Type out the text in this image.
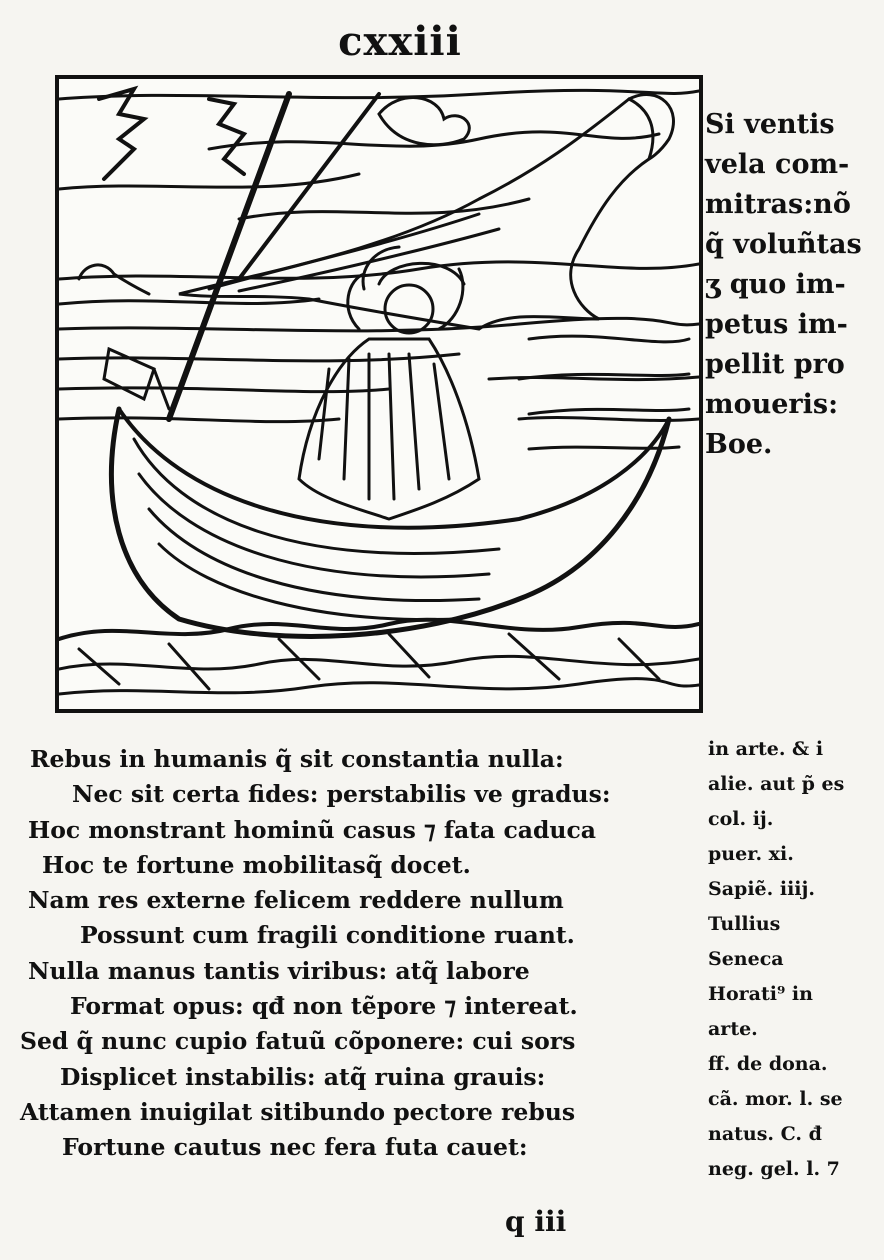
cxxiii
Si ventis
vela com-
mitras:nõ
q̃ voluñtas
ʒ quo im-
petus im-
pellit pro
moueris:
Boe.
Rebus in humanis q̃ sit constantia nulla:
Nec sit certa fides: perstabilis ve gradus:
Hoc monstrant hominũ casus ⁊ fata caduca
Hoc te fortune mobilitasq̃ docet.
Nam res externe felicem reddere nullum
Possunt cum fragili conditione ruant.
Nulla manus tantis viribus: atq̃ labore
Format opus: qđ non tẽpore ⁊ intereat.
Sed q̃ nunc cupio fatuũ cõponere: cui sors
Displicet instabilis: atq̃ ruina grauis:
Attamen inuigilat sitibundo pectore rebus
Fortune cautus nec fera futa cauet:
in arte. & i
alie. aut p̃ es
col. ij.
puer. xi.
Sapiẽ. iiij.
Tullius
Seneca
Horati⁹ in
arte.
ff. de dona.
cã. mor. l. se
natus. C. đ
neg. gel. l. 7
q iii
